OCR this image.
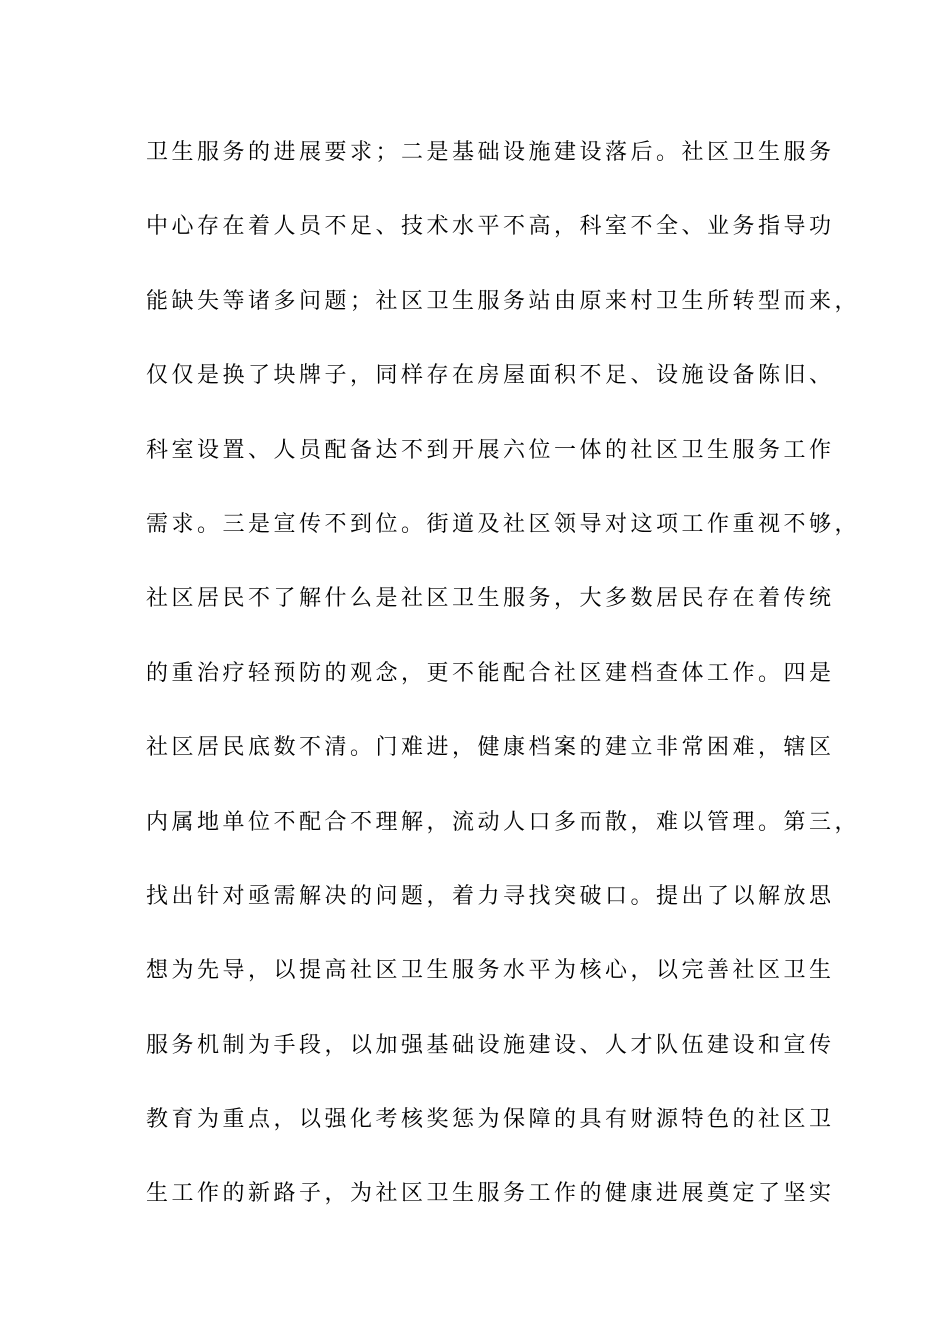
卫生服务的进展要求；二是基础设施建设落后。社区卫生服务
中心存在着人员不足、技术水平不高，科室不全、业务指导功
能缺失等诸多问题；社区卫生服务站由原来村卫生所转型而来，
仅仅是换了块牌子，同样存在房屋面积不足、设施设备陈旧、
科室设置、人员配备达不到开展六位一体的社区卫生服务工作
需求。三是宣传不到位。街道及社区领导对这项工作重视不够，
社区居民不了解什么是社区卫生服务，大多数居民存在着传统
的重治疗轻预防的观念，更不能配合社区建档查体工作。四是
社区居民底数不清。门难进，健康档案的建立非常困难，辖区
内属地单位不配合不理解，流动人口多而散，难以管理。第三，
找出针对亟需解决的问题，着力寻找突破口。提出了以解放思
想为先导，以提高社区卫生服务水平为核心，以完善社区卫生
服务机制为手段，以加强基础设施建设、人才队伍建设和宣传
教育为重点，以强化考核奖惩为保障的具有财源特色的社区卫
生工作的新路子，为社区卫生服务工作的健康进展奠定了坚实
